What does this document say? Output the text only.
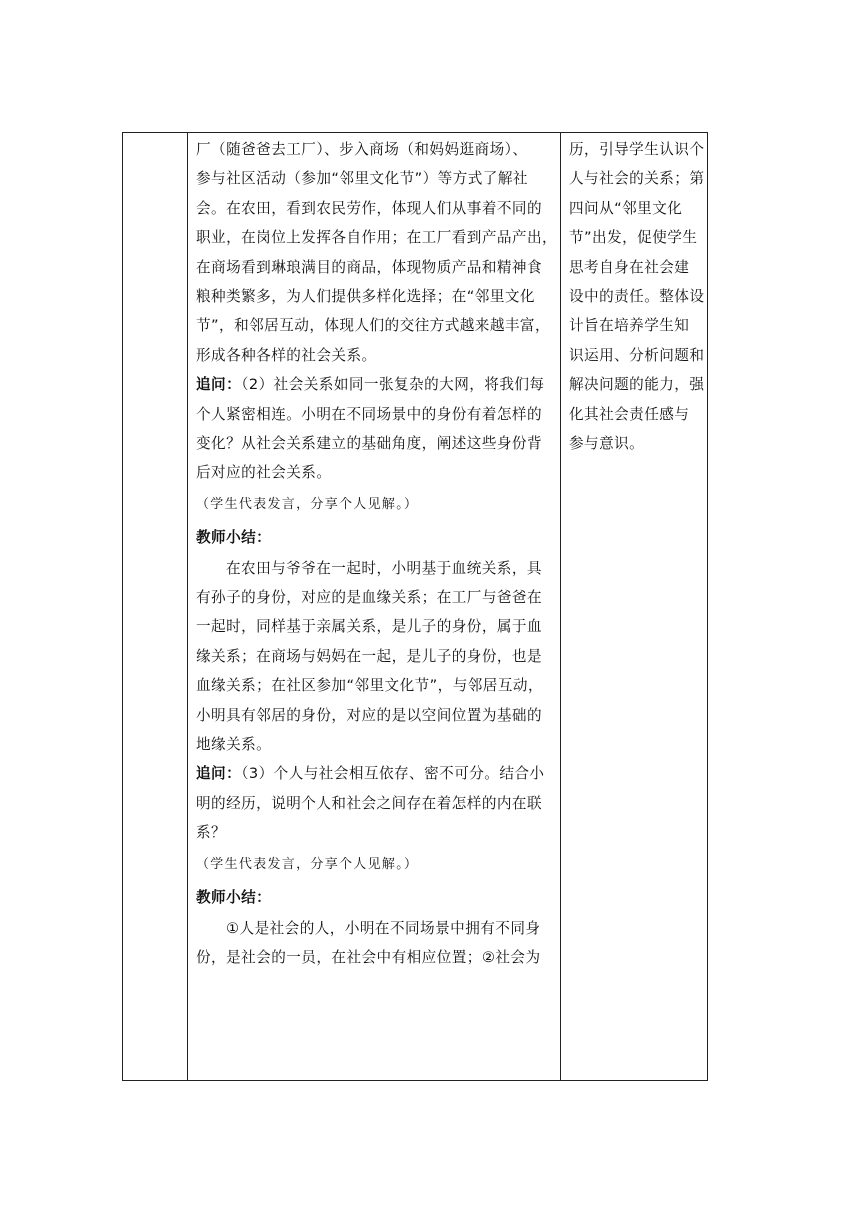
厂（随爸爸去工厂）、步入商场（和妈妈逛商场）、
参与社区活动（参加“邻里文化节”）等方式了解社
会。在农田，看到农民劳作，体现人们从事着不同的
职业，在岗位上发挥各自作用；在工厂看到产品产出，
在商场看到琳琅满目的商品，体现物质产品和精神食
粮种类繁多，为人们提供多样化选择；在“邻里文化
节”，和邻居互动，体现人们的交往方式越来越丰富，
形成各种各样的社会关系。
追问：（2）社会关系如同一张复杂的大网，将我们每
个人紧密相连。小明在不同场景中的身份有着怎样的
变化？从社会关系建立的基础角度，阐述这些身份背
后对应的社会关系。
（学生代表发言，分享个人见解。）
教师小结：
在农田与爷爷在一起时，小明基于血统关系，具
有孙子的身份，对应的是血缘关系；在工厂与爸爸在
一起时，同样基于亲属关系，是儿子的身份，属于血
缘关系；在商场与妈妈在一起，是儿子的身份，也是
血缘关系；在社区参加“邻里文化节”，与邻居互动，
小明具有邻居的身份，对应的是以空间位置为基础的
地缘关系。
追问：（3）个人与社会相互依存、密不可分。结合小
明的经历，说明个人和社会之间存在着怎样的内在联
系？
（学生代表发言，分享个人见解。）
教师小结：
①人是社会的人，小明在不同场景中拥有不同身
份，是社会的一员，在社会中有相应位置；②社会为
历，引导学生认识个
人与社会的关系；第
四问从“邻里文化
节”出发，促使学生
思考自身在社会建
设中的责任。整体设
计旨在培养学生知
识运用、分析问题和
解决问题的能力，强
化其社会责任感与
参与意识。
